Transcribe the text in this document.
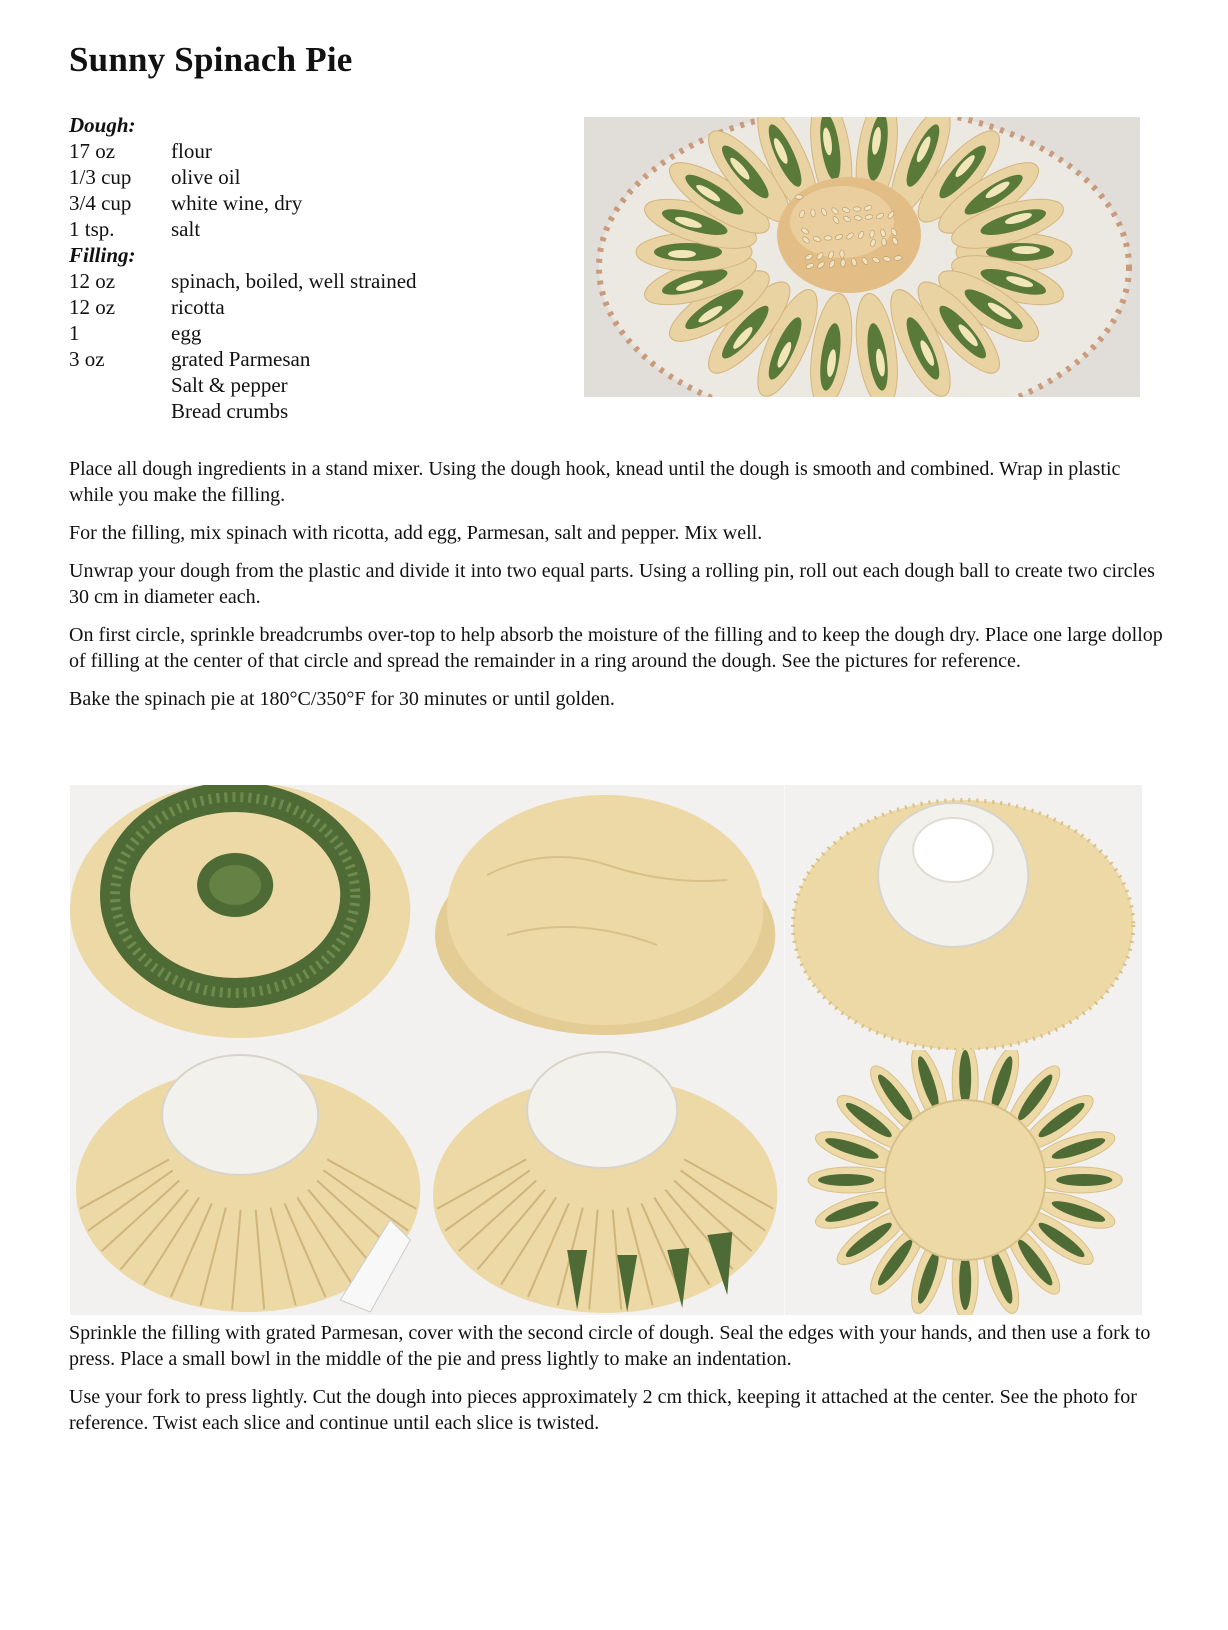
Sunny Spinach Pie
Dough:
17 oz	flour
1/3 cup	olive oil
3/4 cup	white wine, dry
1 tsp.	salt
Filling:
12 oz	spinach, boiled, well strained
12 oz	ricotta
1	egg
3 oz	grated Parmesan
Salt & pepper
Bread crumbs

Place all dough ingredients in a stand mixer. Using the dough hook, knead until the dough is smooth and combined. Wrap in plastic while you make the filling.

For the filling, mix spinach with ricotta, add egg, Parmesan, salt and pepper. Mix well.

Unwrap your dough from the plastic and divide it into two equal parts. Using a rolling pin, roll out each dough ball to create two circles 30 cm in diameter each.

On first circle, sprinkle breadcrumbs over-top to help absorb the moisture of the filling and to keep the dough dry. Place one large dollop of filling at the center of that circle and spread the remainder in a ring around the dough. See the pictures for reference.

Bake the spinach pie at 180°C/350°F for 30 minutes or until golden.

Sprinkle the filling with grated Parmesan, cover with the second circle of dough. Seal the edges with your hands, and then use a fork to press. Place a small bowl in the middle of the pie and press lightly to make an indentation.

Use your fork to press lightly. Cut the dough into pieces approximately 2 cm thick, keeping it attached at the center. See the photo for reference. Twist each slice and continue until each slice is twisted.
